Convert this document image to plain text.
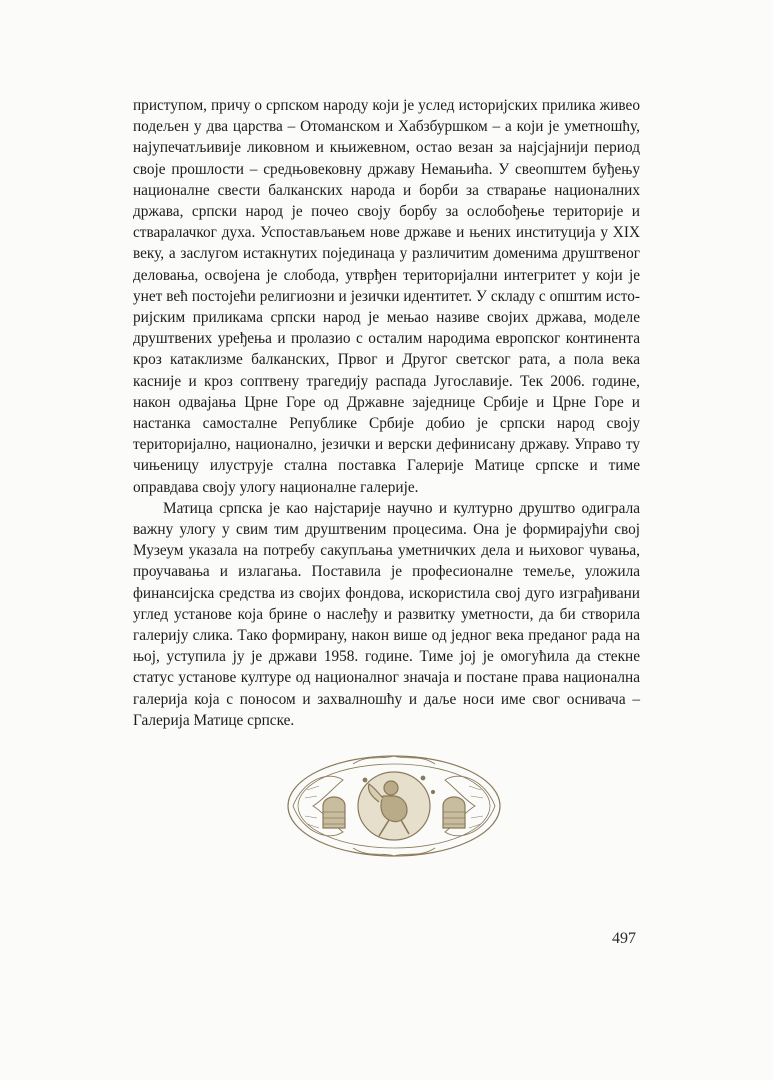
приступом, причу о српском народу који је услед историјских прилика живео подељен у два царства – Отоманском и Хабзбуршком – а који је уметношћу, најупечатљивије ликовном и књижевном, остао везан за најсјајнији период своје прошлости – средњовековну државу Немањића. У свеопштем буђењу националне свести балканских народа и борби за стварање националних држава, српски народ је почео своју борбу за ослобођење територије и стваралачког духа. Успостављањем нове државе и њених институција у XIX веку, а заслугом истакнутих појединаца у различитим доменима друштвеног деловања, освојена је слобода, утврђен територијални интегритет у који је унет већ постојећи религиозни и језички идентитет. У складу с општим историјским приликама српски народ је мењао називе својих држава, моделе друштвених уређења и пролазио с осталим народима европског континента кроз катаклизме балканских, Првог и Другог светског рата, а пола века касније и кроз соптвену трагедију распада Југославије. Тек 2006. године, након одвајања Црне Горе од Државне заједнице Србије и Црне Горе и настанка самосталне Републике Србије добио је српски народ своју територијално, национално, језички и верски дефинисану државу. Управо ту чињеницу илуструје стална поставка Галерије Матице српске и тиме оправдава своју улогу националне галерије.

Матица српска је као најстарије научно и културно друштво одиграла важну улогу у свим тим друштвеним процесима. Она је формирајући свој Музеум указала на потребу сакупљања уметничких дела и њиховог чувања, проучавања и излагања. Поставила је професионалне темеље, уложила финансијска средства из својих фондова, искористила свој дуго изграђивани углед установе која брине о наслеђу и развитку уметности, да би створила галерију слика. Тако формирану, након више од једног века преданог рада на њој, уступила ју је држави 1958. године. Тиме јој је омогућила да стекне статус установе културе од националног значаја и постане права национална галерија која с поносом и захвалношћу и даље носи име свог оснивача – Галерија Матице српске.

497
